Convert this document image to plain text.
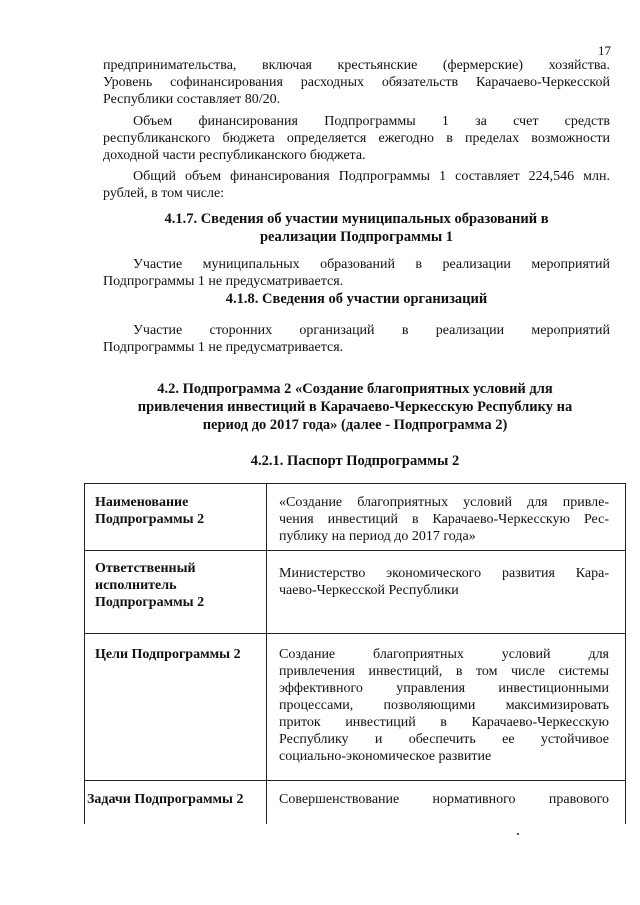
17
предпринимательства, включая крестьянские (фермерские) хозяйства.
Уровень софинансирования расходных обязательств Карачаево-Черкесской
Республики составляет 80/20.
Объем финансирования Подпрограммы 1 за счет средств
республиканского бюджета определяется ежегодно в пределах возможности
доходной части республиканского бюджета.
Общий объем финансирования Подпрограммы 1 составляет 224,546 млн.
рублей, в том числе:
4.1.7. Сведения об участии муниципальных образований в
реализации Подпрограммы 1
Участие муниципальных образований в реализации мероприятий
Подпрограммы 1 не предусматривается.
4.1.8. Сведения об участии организаций
Участие сторонних организаций в реализации мероприятий
Подпрограммы 1 не предусматривается.
4.2. Подпрограмма 2 «Создание благоприятных условий для
привлечения инвестиций в Карачаево-Черкесскую Республику на
период до 2017 года» (далее - Подпрограмма 2)
4.2.1. Паспорт Подпрограммы 2
Наименование
Подпрограммы 2
«Создание благоприятных условий для привле-
чения инвестиций в Карачаево-Черкесскую Рес-
публику на период до 2017 года»
Ответственный
исполнитель
Подпрограммы 2
Министерство экономического развития Кара-
чаево-Черкесской Республики
Цели Подпрограммы 2	Создание благоприятных условий для
привлечения инвестиций, в том числе системы
эффективного управления инвестиционными
процессами, позволяющими максимизировать
приток инвестиций в Карачаево-Черкесскую
Республику и обеспечить ее устойчивое
социально-экономическое развитие
Задачи Подпрограммы 2	Совершенствование нормативного правового
